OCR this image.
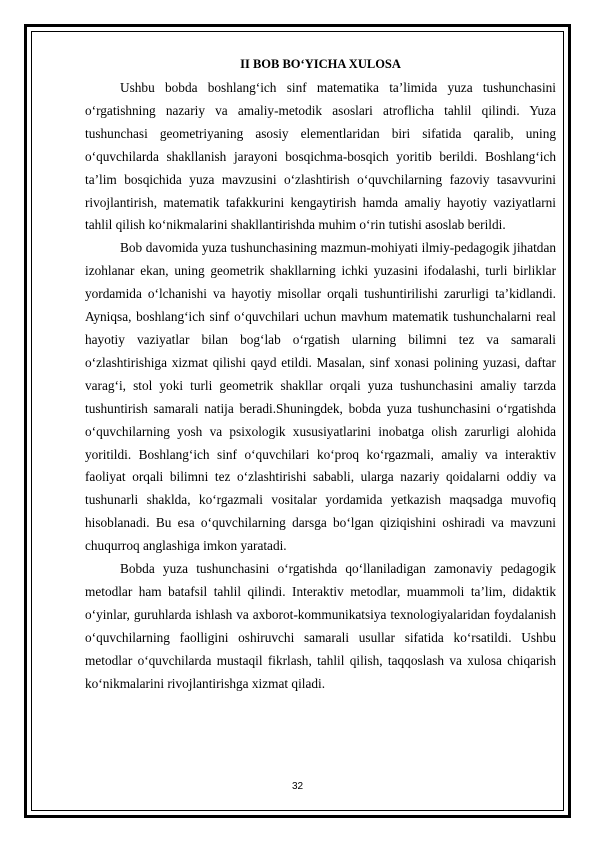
II BOB BO‘YICHA XULOSA

Ushbu bobda boshlang‘ich sinf matematika ta’limida yuza tushunchasini o‘rgatishning nazariy va amaliy-metodik asoslari atroflicha tahlil qilindi. Yuza tushunchasi geometriyaning asosiy elementlaridan biri sifatida qaralib, uning o‘quvchilarda shakllanish jarayoni bosqichma-bosqich yoritib berildi. Boshlang‘ich ta’lim bosqichida yuza mavzusini o‘zlashtirish o‘quvchilarning fazoviy tasavvurini rivojlantirish, matematik tafakkurini kengaytirish hamda amaliy hayotiy vaziyatlarni tahlil qilish ko‘nikmalarini shakllantirishda muhim o‘rin tutishi asoslab berildi.

Bob davomida yuza tushunchasining mazmun-mohiyati ilmiy-pedagogik jihatdan izohlanar ekan, uning geometrik shakllarning ichki yuzasini ifodalashi, turli birliklar yordamida o‘lchanishi va hayotiy misollar orqali tushuntirilishi zarurligi ta’kidlandi. Ayniqsa, boshlang‘ich sinf o‘quvchilari uchun mavhum matematik tushunchalarni real hayotiy vaziyatlar bilan bog‘lab o‘rgatish ularning bilimni tez va samarali o‘zlashtirishiga xizmat qilishi qayd etildi. Masalan, sinf xonasi polining yuzasi, daftar varag‘i, stol yoki turli geometrik shakllar orqali yuza tushunchasini amaliy tarzda tushuntirish samarali natija beradi.Shuningdek, bobda yuza tushunchasini o‘rgatishda o‘quvchilarning yosh va psixologik xususiyatlarini inobatga olish zarurligi alohida yoritildi. Boshlang‘ich sinf o‘quvchilari ko‘proq ko‘rgazmali, amaliy va interaktiv faoliyat orqali bilimni tez o‘zlashtirishi sababli, ularga nazariy qoidalarni oddiy va tushunarli shaklda, ko‘rgazmali vositalar yordamida yetkazish maqsadga muvofiq hisoblanadi. Bu esa o‘quvchilarning darsga bo‘lgan qiziqishini oshiradi va mavzuni chuqurroq anglashiga imkon yaratadi.

Bobda yuza tushunchasini o‘rgatishda qo‘llaniladigan zamonaviy pedagogik metodlar ham batafsil tahlil qilindi. Interaktiv metodlar, muammoli ta’lim, didaktik o‘yinlar, guruhlarda ishlash va axborot-kommunikatsiya texnologiyalaridan foydalanish o‘quvchilarning faolligini oshiruvchi samarali usullar sifatida ko‘rsatildi. Ushbu metodlar o‘quvchilarda mustaqil fikrlash, tahlil qilish, taqqoslash va xulosa chiqarish ko‘nikmalarini rivojlantirishga xizmat qiladi.

32
